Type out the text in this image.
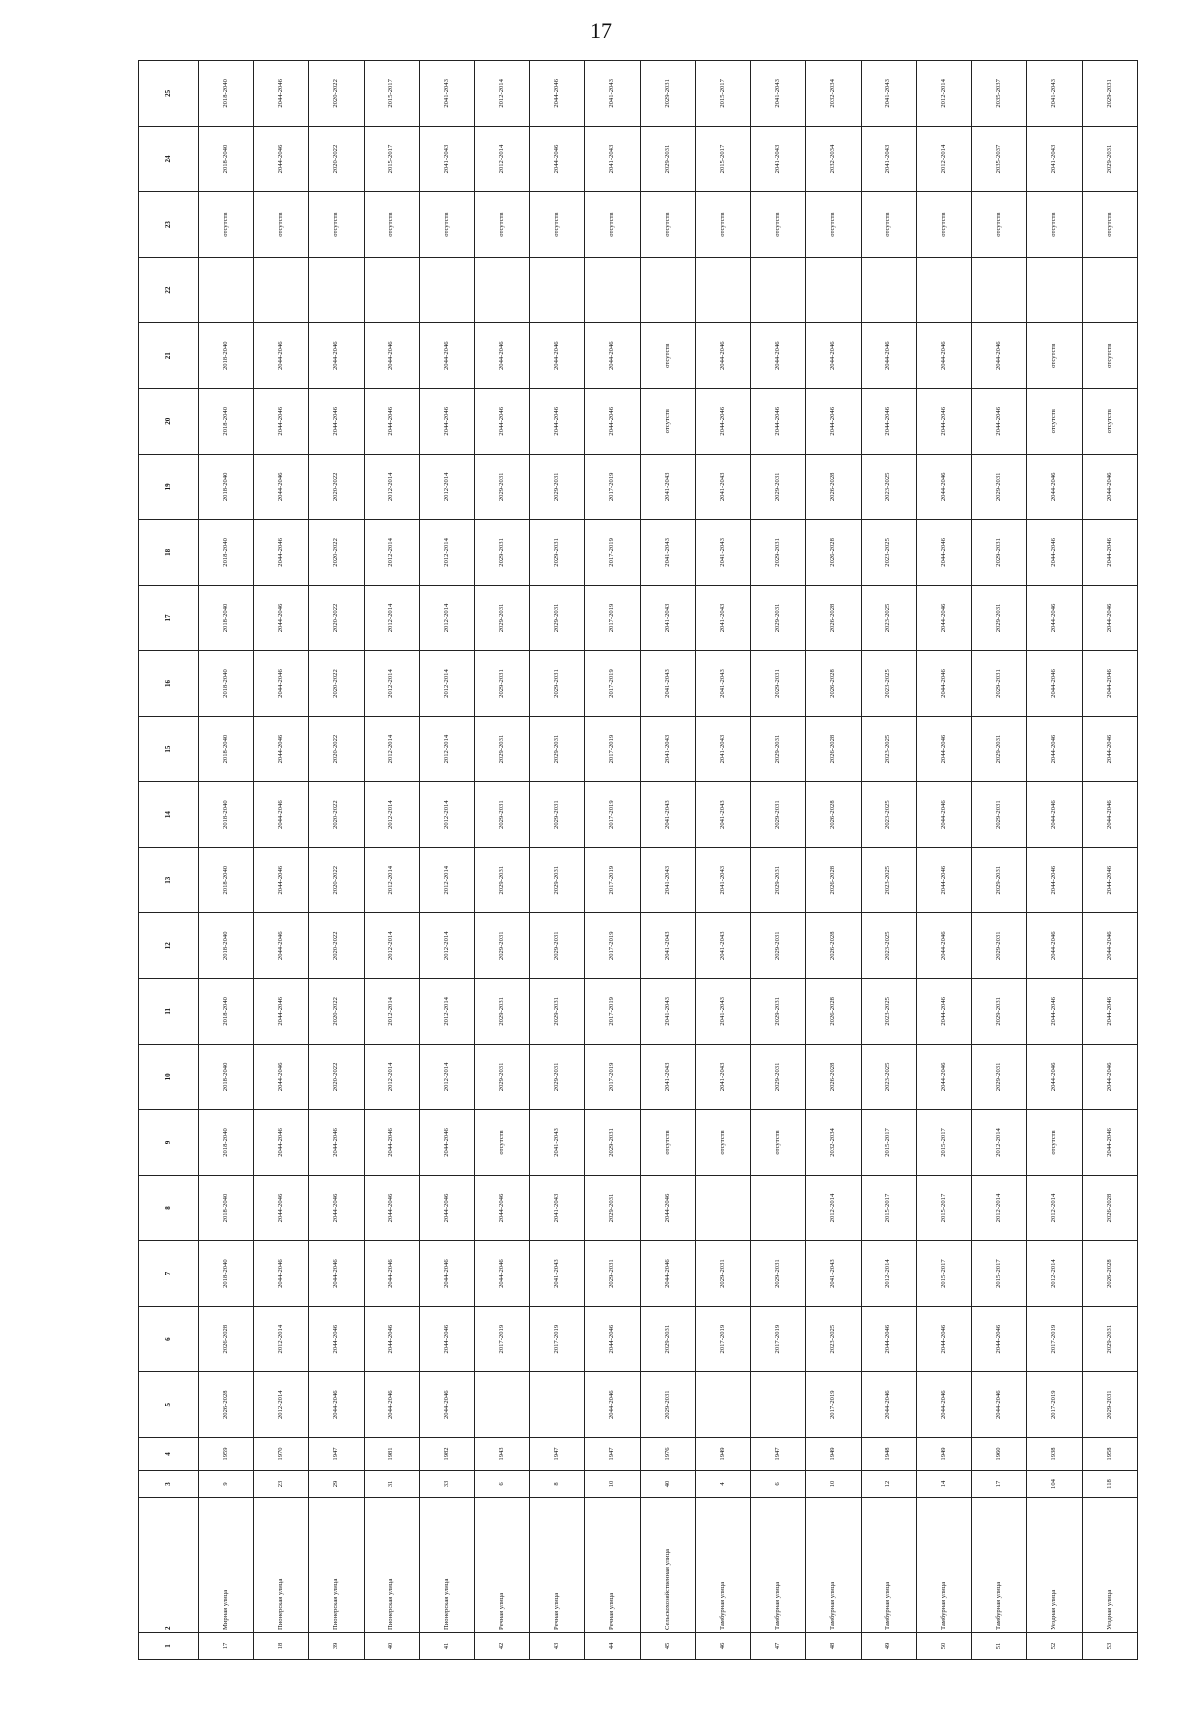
17
1	2	3	4	5	6	7	8	9	10	11	12	13	14	15	16	17	18	19	20	21	22	23	24	25
17	Мирная улица	9	1959	2026-2028	2026-2028	2018-2040	2018-2040	2018-2040	2018-2040	2018-2040	2018-2040	2018-2040	2018-2040	2018-2040	2018-2040	2018-2040	2018-2040	2018-2040	2018-2040	2018-2040		отсутств	2018-2040	2018-2040
18	Пионерская улица	23	1970	2012-2014	2012-2014	2044-2046	2044-2046	2044-2046	2044-2046	2044-2046	2044-2046	2044-2046	2044-2046	2044-2046	2044-2046	2044-2046	2044-2046	2044-2046	2044-2046	2044-2046		отсутств	2044-2046	2044-2046
39	Пионерская улица	29	1947	2044-2046	2044-2046	2044-2046	2044-2046	2044-2046	2020-2022	2020-2022	2020-2022	2020-2022	2020-2022	2020-2022	2020-2022	2020-2022	2020-2022	2020-2022	2044-2046	2044-2046		отсутств	2020-2022	2020-2022
40	Пионерская улица	31	1981	2044-2046	2044-2046	2044-2046	2044-2046	2044-2046	2012-2014	2012-2014	2012-2014	2012-2014	2012-2014	2012-2014	2012-2014	2012-2014	2012-2014	2012-2014	2044-2046	2044-2046		отсутств	2015-2017	2015-2017
41	Пионерская улица	33	1982	2044-2046	2044-2046	2044-2046	2044-2046	2044-2046	2012-2014	2012-2014	2012-2014	2012-2014	2012-2014	2012-2014	2012-2014	2012-2014	2012-2014	2012-2014	2044-2046	2044-2046		отсутств	2041-2043	2041-2043
42	Речная улица	6	1943		2017-2019	2044-2046	2044-2046	отсутств	2029-2031	2029-2031	2029-2031	2029-2031	2029-2031	2029-2031	2029-2031	2029-2031	2029-2031	2029-2031	2044-2046	2044-2046		отсутств	2012-2014	2012-2014
43	Речная улица	8	1947		2017-2019	2041-2043	2041-2043	2041-2043	2029-2031	2029-2031	2029-2031	2029-2031	2029-2031	2029-2031	2029-2031	2029-2031	2029-2031	2029-2031	2044-2046	2044-2046		отсутств	2044-2046	2044-2046
44	Речная улица	10	1947	2044-2046	2044-2046	2029-2031	2029-2031	2029-2031	2017-2019	2017-2019	2017-2019	2017-2019	2017-2019	2017-2019	2017-2019	2017-2019	2017-2019	2017-2019	2044-2046	2044-2046		отсутств	2041-2043	2041-2043
45	Сельскохозяйственная улица	40	1976	2029-2031	2029-2031	2044-2046	2044-2046	отсутств	2041-2043	2041-2043	2041-2043	2041-2043	2041-2043	2041-2043	2041-2043	2041-2043	2041-2043	2041-2043	отсутств	отсутств		отсутств	2029-2031	2029-2031
46	Тамбурная улица	4	1949		2017-2019	2029-2031		отсутств	2041-2043	2041-2043	2041-2043	2041-2043	2041-2043	2041-2043	2041-2043	2041-2043	2041-2043	2041-2043	2044-2046	2044-2046		отсутств	2015-2017	2015-2017
47	Тамбурная улица	6	1947		2017-2019	2029-2031		отсутств	2029-2031	2029-2031	2029-2031	2029-2031	2029-2031	2029-2031	2029-2031	2029-2031	2029-2031	2029-2031	2044-2046	2044-2046		отсутств	2041-2043	2041-2043
48	Тамбурная улица	10	1949	2017-2019	2023-2025	2041-2043	2012-2014	2032-2034	2026-2028	2026-2028	2026-2028	2026-2028	2026-2028	2026-2028	2026-2028	2026-2028	2026-2028	2026-2028	2044-2046	2044-2046		отсутств	2032-2034	2032-2034
49	Тамбурная улица	12	1948	2044-2046	2044-2046	2012-2014	2015-2017	2015-2017	2023-2025	2023-2025	2023-2025	2023-2025	2023-2025	2023-2025	2023-2025	2023-2025	2023-2025	2023-2025	2044-2046	2044-2046		отсутств	2041-2043	2041-2043
50	Тамбурная улица	14	1949	2044-2046	2044-2046	2015-2017	2015-2017	2015-2017	2044-2046	2044-2046	2044-2046	2044-2046	2044-2046	2044-2046	2044-2046	2044-2046	2044-2046	2044-2046	2044-2046	2044-2046		отсутств	2012-2014	2012-2014
51	Тамбурная улица	17	1960	2044-2046	2044-2046	2015-2017	2012-2014	2012-2014	2029-2031	2029-2031	2029-2031	2029-2031	2029-2031	2029-2031	2029-2031	2029-2031	2029-2031	2029-2031	2044-2046	2044-2046		отсутств	2035-2037	2035-2037
52	Уездная улица	104	1938	2017-2019	2017-2019	2012-2014	2012-2014	отсутств	2044-2046	2044-2046	2044-2046	2044-2046	2044-2046	2044-2046	2044-2046	2044-2046	2044-2046	2044-2046	отсутств	отсутств		отсутств	2041-2043	2041-2043
53	Уездная улица	118	1958	2029-2031	2029-2031	2026-2028	2026-2028	2044-2046	2044-2046	2044-2046	2044-2046	2044-2046	2044-2046	2044-2046	2044-2046	2044-2046	2044-2046	2044-2046	отсутств	отсутств		отсутств	2029-2031	2029-2031
